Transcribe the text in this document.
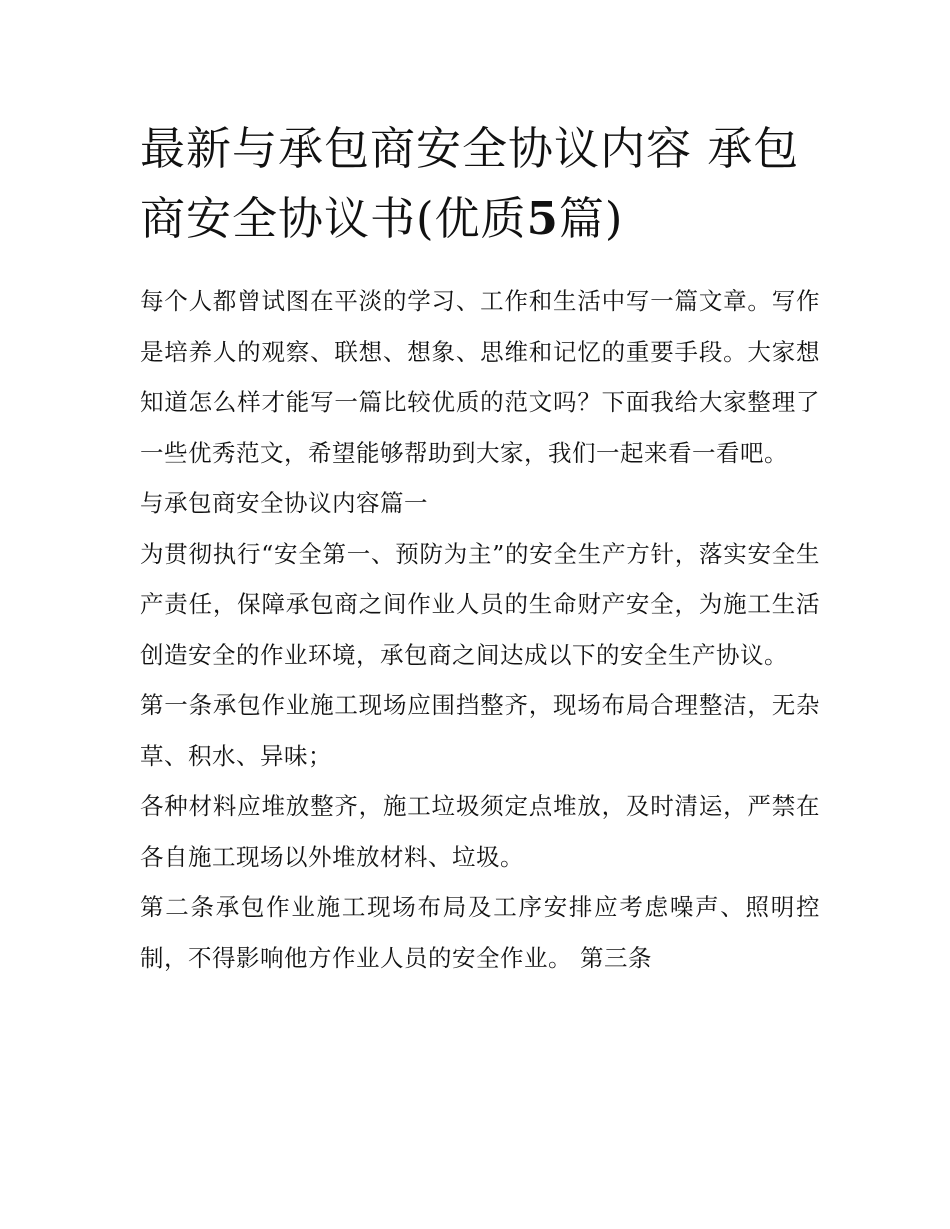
最新与承包商安全协议内容 承包商安全协议书(优质5篇)

每个人都曾试图在平淡的学习、工作和生活中写一篇文章。写作是培养人的观察、联想、想象、思维和记忆的重要手段。大家想知道怎么样才能写一篇比较优质的范文吗？下面我给大家整理了一些优秀范文，希望能够帮助到大家，我们一起来看一看吧。

与承包商安全协议内容篇一

为贯彻执行“安全第一、预防为主”的安全生产方针，落实安全生产责任，保障承包商之间作业人员的生命财产安全，为施工生活创造安全的作业环境，承包商之间达成以下的安全生产协议。

第一条承包作业施工现场应围挡整齐，现场布局合理整洁，无杂草、积水、异味；

各种材料应堆放整齐，施工垃圾须定点堆放，及时清运，严禁在各自施工现场以外堆放材料、垃圾。

第二条承包作业施工现场布局及工序安排应考虑噪声、照明控制，不得影响他方作业人员的安全作业。 第三条
